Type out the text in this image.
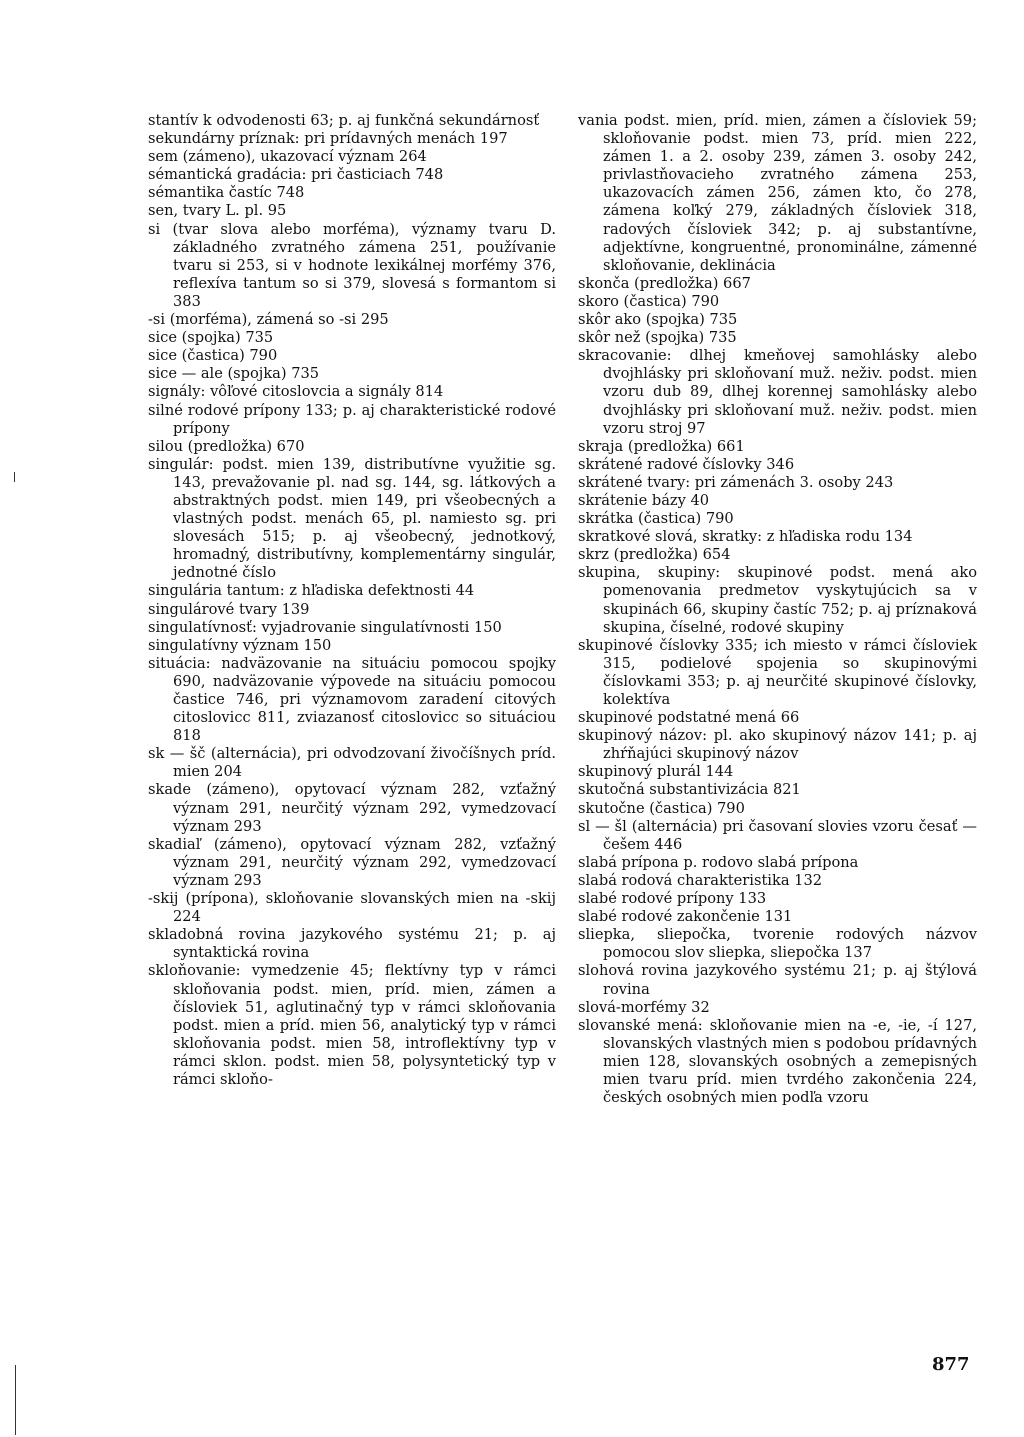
stantív k odvodenosti 63; p. aj funkčná sekundárnosť

sekundárny príznak: pri prídavných menách 197

sem (zámeno), ukazovací význam 264

sémantická gradácia: pri časticiach 748

sémantika častíc 748

sen, tvary L. pl. 95

si (tvar slova alebo morféma), významy tvaru D. základného zvratného zámena 251, používanie tvaru si 253, si v hodnote lexikálnej morfémy 376, reflexíva tantum so si 379, slovesá s formantom si 383

-si (morféma), zámená so -si 295

sice (spojka) 735

sice (častica) 790

sice — ale (spojka) 735

signály: vôľové citoslovcia a signály 814

silné rodové prípony 133; p. aj charakteristické rodové prípony

silou (predložka) 670

singulár: podst. mien 139, distributívne využitie sg. 143, prevažovanie pl. nad sg. 144, sg. látkových a abstraktných podst. mien 149, pri všeobecných a vlastných podst. menách 65, pl. namiesto sg. pri slovesách 515; p. aj všeobecný, jednotkový, hromadný, distributívny, komplementárny singulár, jednotné číslo

singulária tantum: z hľadiska defektnosti 44

singulárové tvary 139

singulatívnosť: vyjadrovanie singulatívnosti 150

singulatívny význam 150

situácia: nadväzovanie na situáciu pomocou spojky 690, nadväzovanie výpovede na situáciu pomocou častice 746, pri významovom zaradení citových citoslovicc 811, zviazanosť citoslovicc so situáciou 818

sk — šč (alternácia), pri odvodzovaní živočíšnych príd. mien 204

skade (zámeno), opytovací význam 282, vzťažný význam 291, neurčitý význam 292, vymedzovací význam 293

skadiaľ (zámeno), opytovací význam 282, vzťažný význam 291, neurčitý význam 292, vymedzovací význam 293

-skij (prípona), skloňovanie slovanských mien na -skij 224

skladobná rovina jazykového systému 21; p. aj syntaktická rovina

skloňovanie: vymedzenie 45; flektívny typ v rámci skloňovania podst. mien, príd. mien, zámen a čísloviek 51, aglutinačný typ v rámci skloňovania podst. mien a príd. mien 56, analytický typ v rámci skloňovania podst. mien 58, introflektívny typ v rámci sklon. podst. mien 58, polysyntetický typ v rámci skloňo-

vania podst. mien, príd. mien, zámen a čísloviek 59; skloňovanie podst. mien 73, príd. mien 222, zámen 1. a 2. osoby 239, zámen 3. osoby 242, privlastňovacieho zvratného zámena 253, ukazovacích zámen 256, zámen kto, čo 278, zámena koľký 279, základných čísloviek 318, radových čísloviek 342; p. aj substantívne, adjektívne, kongruentné, pronominálne, zámenné skloňovanie, deklinácia

skonča (predložka) 667

skoro (častica) 790

skôr ako (spojka) 735

skôr než (spojka) 735

skracovanie: dlhej kmeňovej samohlásky alebo dvojhlásky pri skloňovaní muž. neživ. podst. mien vzoru dub 89, dlhej korennej samohlásky alebo dvojhlásky pri skloňovaní muž. neživ. podst. mien vzoru stroj 97

skraja (predložka) 661

skrátené radové číslovky 346

skrátené tvary: pri zámenách 3. osoby 243

skrátenie bázy 40

skrátka (častica) 790

skratkové slová, skratky: z hľadiska rodu 134

skrz (predložka) 654

skupina, skupiny: skupinové podst. mená ako pomenovania predmetov vyskytujúcich sa v skupinách 66, skupiny častíc 752; p. aj príznaková skupina, číselné, rodové skupiny

skupinové číslovky 335; ich miesto v rámci čísloviek 315, podielové spojenia so skupinovými číslovkami 353; p. aj neurčité skupinové číslovky, kolektíva

skupinové podstatné mená 66

skupinový názov: pl. ako skupinový názov 141; p. aj zhŕňajúci skupinový názov

skupinový plurál 144

skutočná substantivizácia 821

skutočne (častica) 790

sl — šl (alternácia) pri časovaní slovies vzoru česať — češem 446

slabá prípona p. rodovo slabá prípona

slabá rodová charakteristika 132

slabé rodové prípony 133

slabé rodové zakončenie 131

sliepka, sliepočka, tvorenie rodových názvov pomocou slov sliepka, sliepočka 137

slohová rovina jazykového systému 21; p. aj štýlová rovina

slová-morfémy 32

slovanské mená: skloňovanie mien na -e, -ie, -í 127, slovanských vlastných mien s podobou prídavných mien 128, slovanských osobných a zemepisných mien tvaru príd. mien tvrdého zakončenia 224, českých osobných mien podľa vzoru

877
